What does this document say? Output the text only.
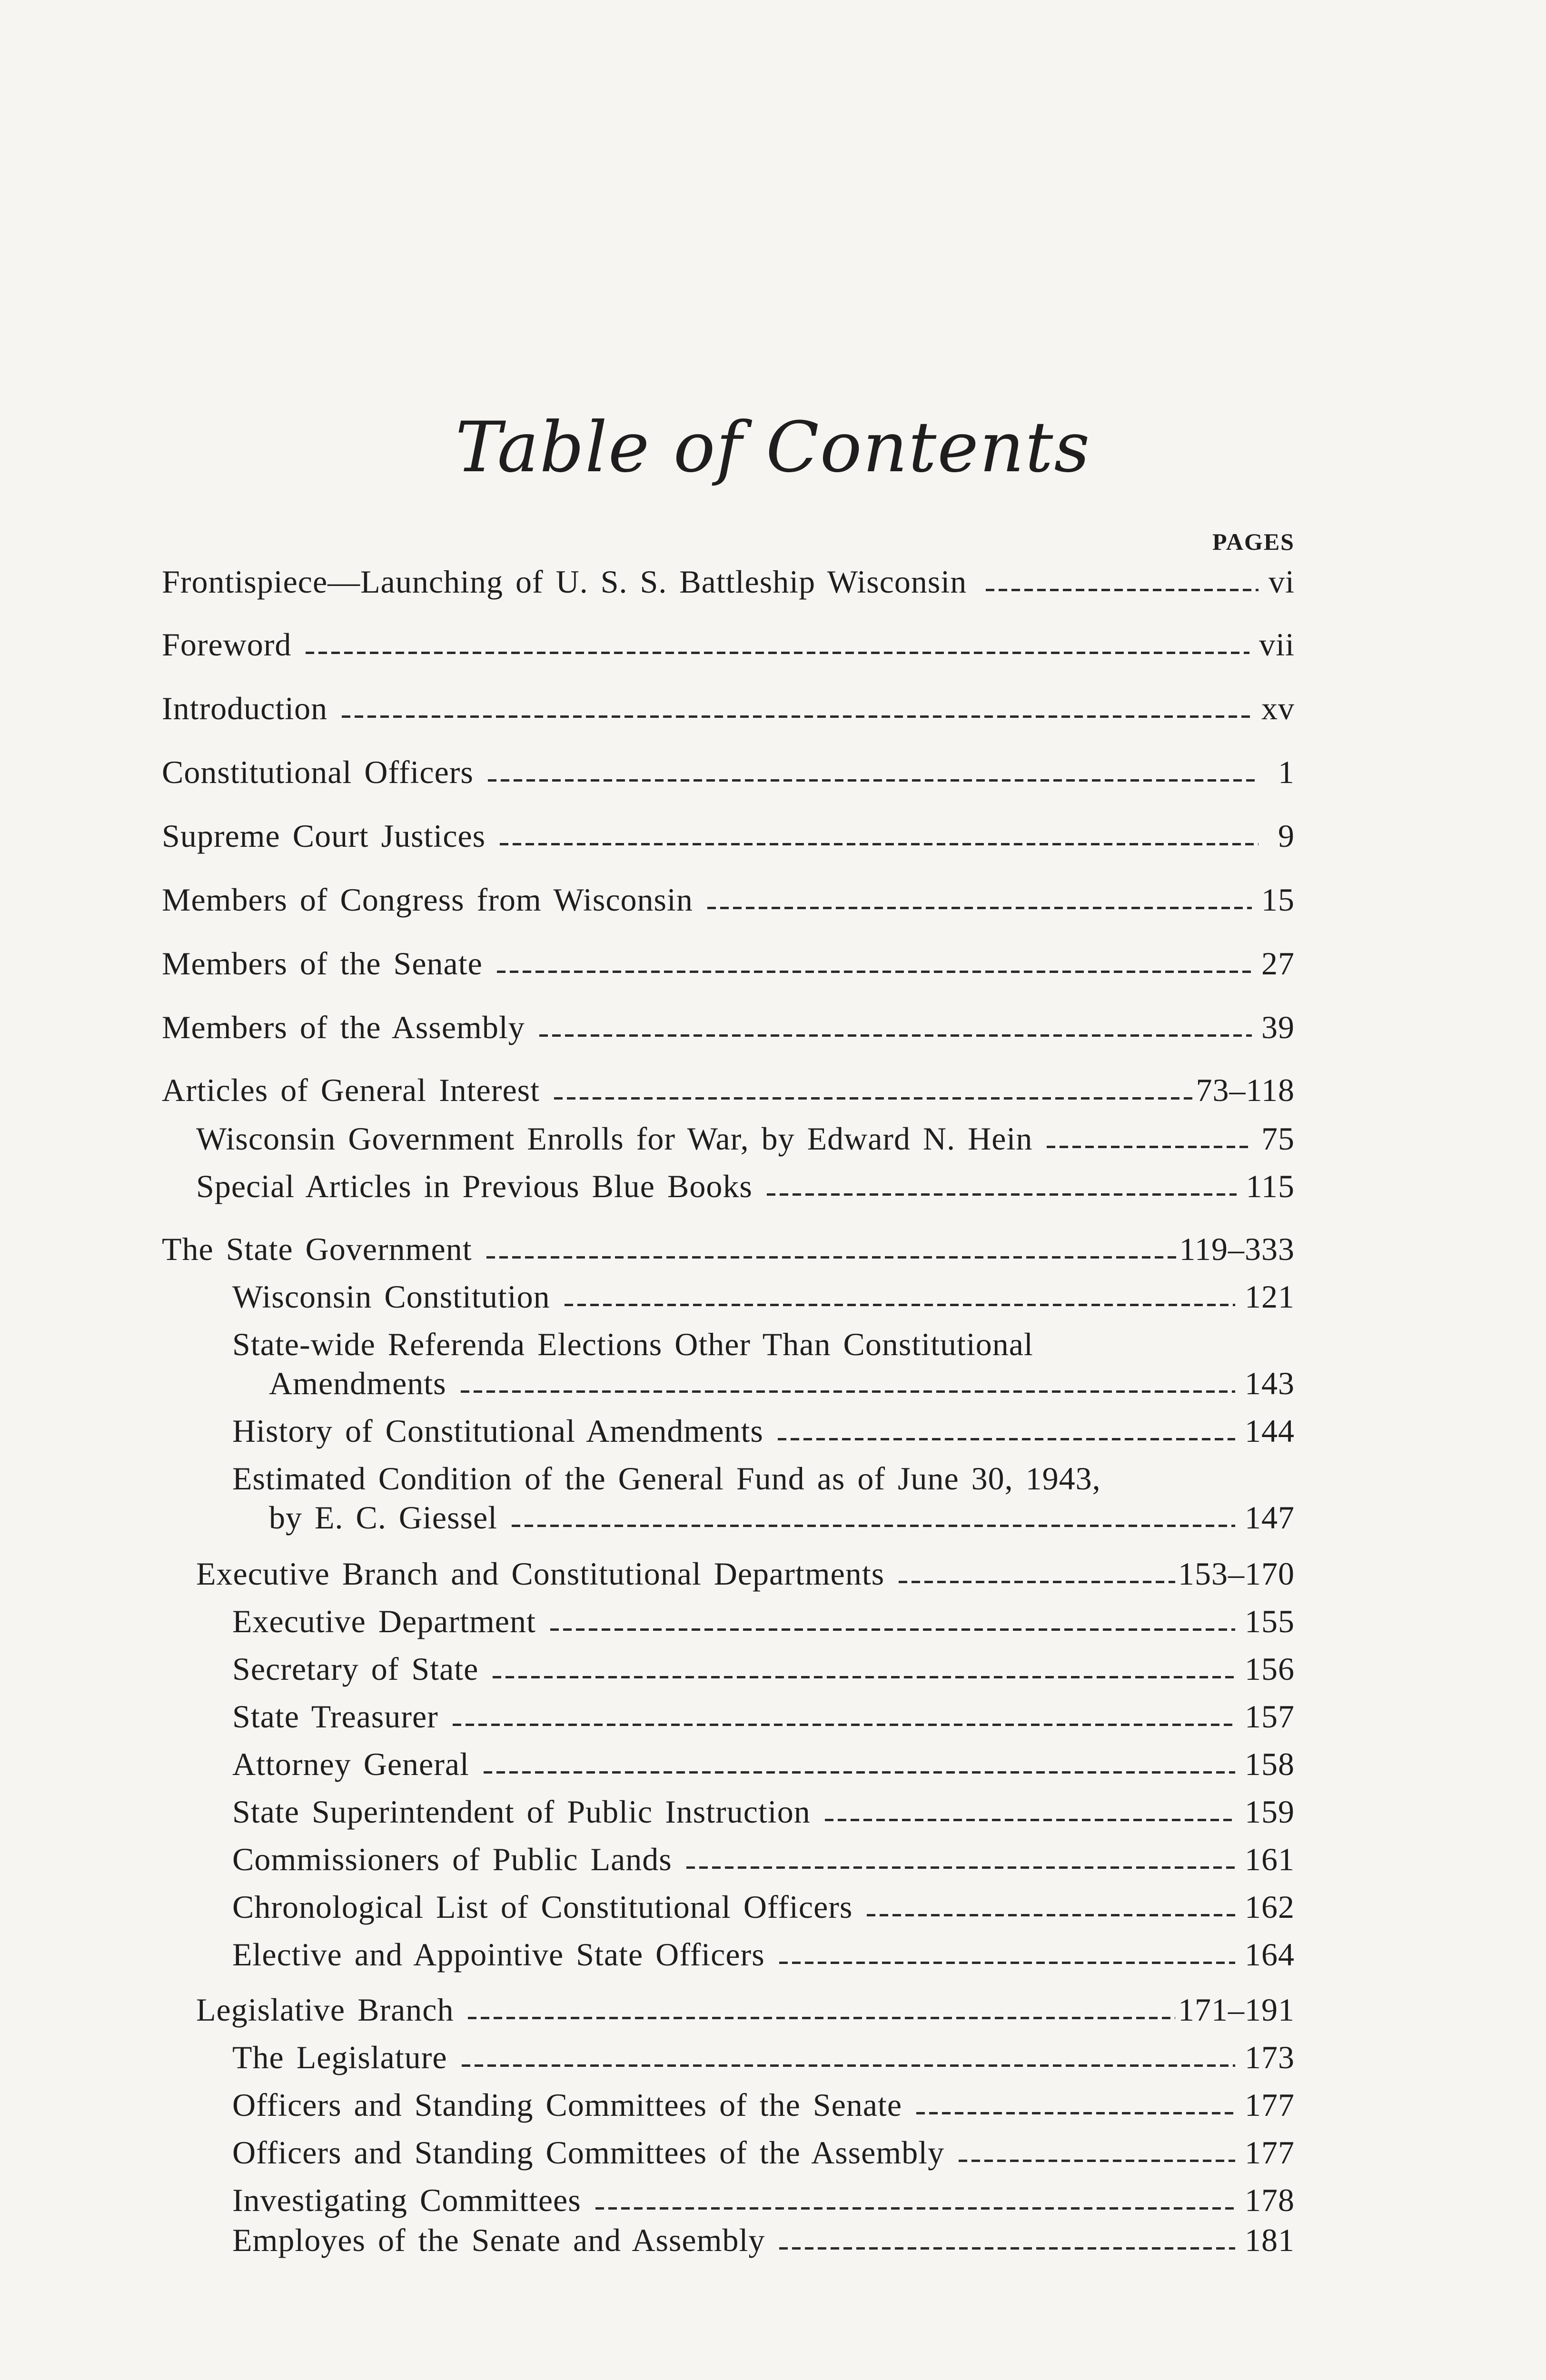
Table of Contents
PAGES
Frontispiece—Launching of U. S. S. Battleship Wisconsin	vi
Foreword	vii
Introduction	xv
Constitutional Officers	1
Supreme Court Justices	9
Members of Congress from Wisconsin	15
Members of the Senate	27
Members of the Assembly	39
Articles of General Interest	73–118
Wisconsin Government Enrolls for War, by Edward N. Hein	75
Special Articles in Previous Blue Books	115
The State Government	119–333
Wisconsin Constitution	121
State-wide Referenda Elections Other Than Constitutional
Amendments	143
History of Constitutional Amendments	144
Estimated Condition of the General Fund as of June 30, 1943,
by E. C. Giessel	147
Executive Branch and Constitutional Departments	153–170
Executive Department	155
Secretary of State	156
State Treasurer	157
Attorney General	158
State Superintendent of Public Instruction	159
Commissioners of Public Lands	161
Chronological List of Constitutional Officers	162
Elective and Appointive State Officers	164
Legislative Branch	171–191
The Legislature	173
Officers and Standing Committees of the Senate	177
Officers and Standing Committees of the Assembly	177
Investigating Committees	178
Employes of the Senate and Assembly	181
